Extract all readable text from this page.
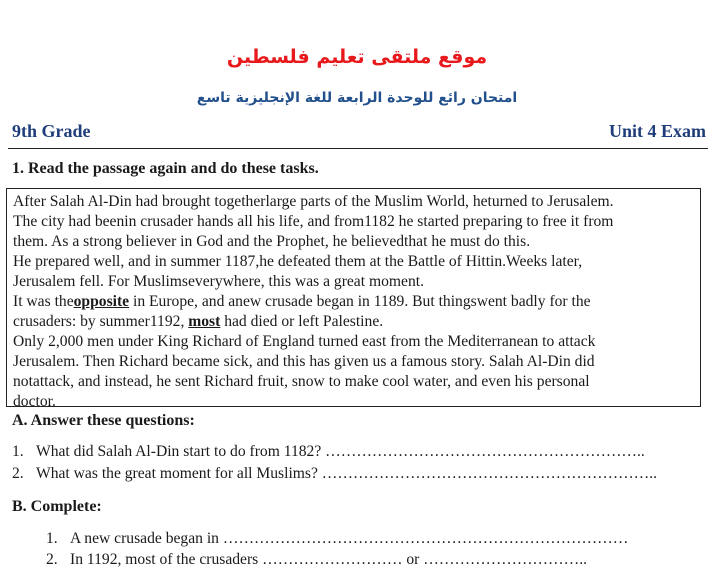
موقع ملتقى تعليم فلسطين
امتحان رائع للوحدة الرابعة للغة الإنجليزية تاسع
9th Grade	Unit 4 Exam
1. Read the passage again and do these tasks.
After Salah Al-Din had brought togetherlarge parts of the Muslim World, heturned to Jerusalem.
The city had beenin crusader hands all his life, and from1182 he started preparing to free it from
them. As a strong believer in God and the Prophet, he believedthat he must do this.
He prepared well, and in summer 1187,he defeated them at the Battle of Hittin.Weeks later,
Jerusalem fell. For Muslimseverywhere, this was a great moment.
It was theopposite in Europe, and anew crusade began in 1189. But thingswent badly for the
crusaders: by summer1192, most had died or left Palestine.
Only 2,000 men under King Richard of England turned east from the Mediterranean to attack
Jerusalem. Then Richard became sick, and this has given us a famous story. Salah Al-Din did
notattack, and instead, he sent Richard fruit, snow to make cool water, and even his personal
doctor.
A. Answer these questions:
1. What did Salah Al-Din start to do from 1182? ……………………………………………………..
2. What was the great moment for all Muslims? ………………………………………………………..
B. Complete:
1. A new crusade began in ……………………………………………………………………
2. In 1192, most of the crusaders ……………………… or …………………………..
